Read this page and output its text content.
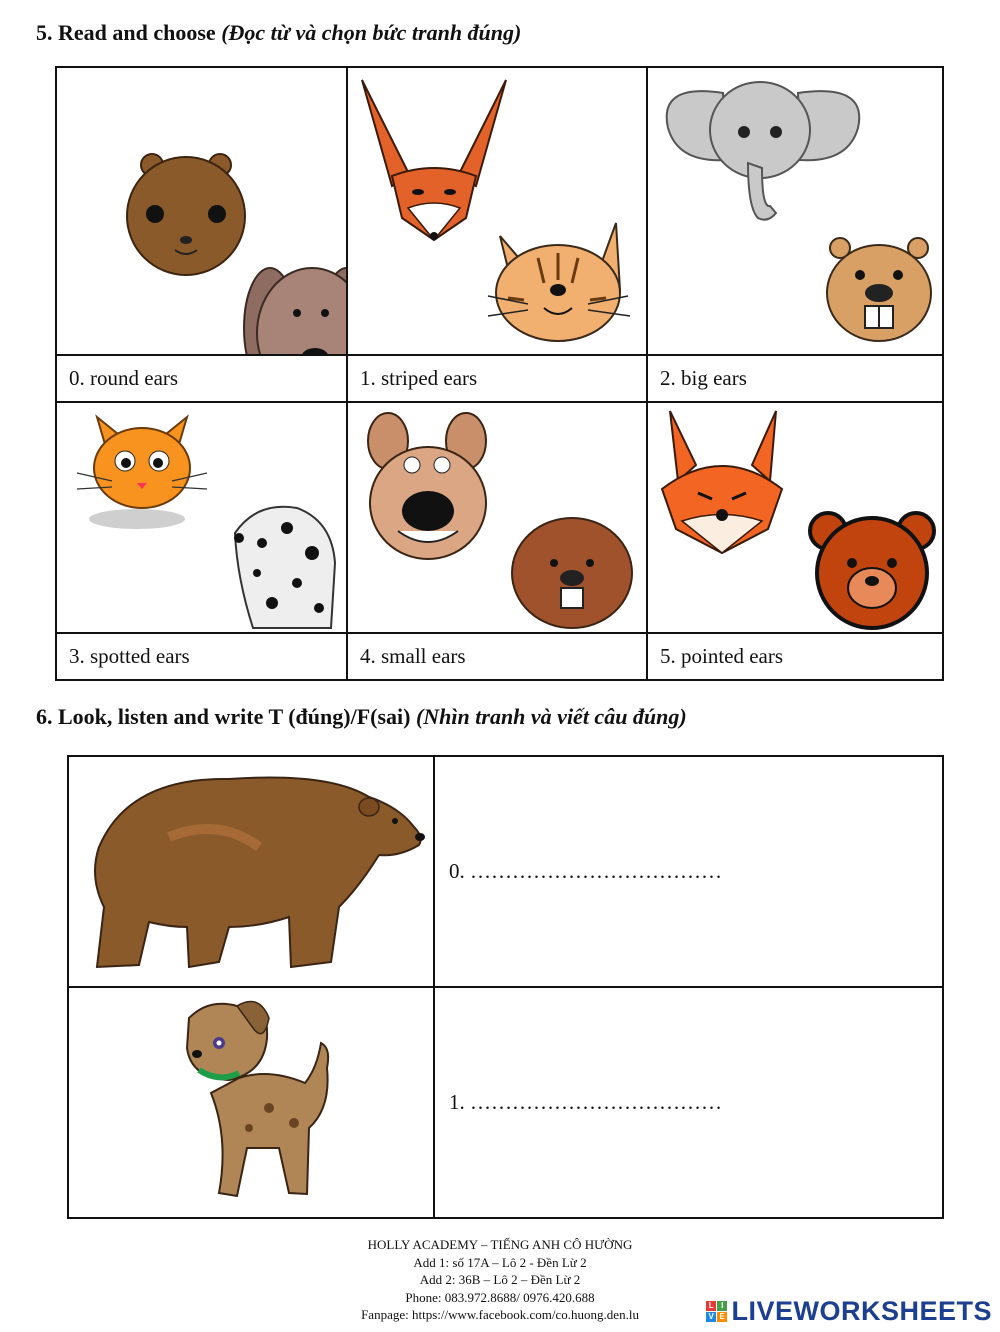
5. Read and choose (Đọc từ và chọn bức tranh đúng)

0. round ears	1. striped ears	2. big ears

3. spotted ears	4. small ears	5. pointed ears
6. Look, listen and write T (đúng)/F(sai) (Nhìn tranh và viết câu đúng)
	0. ………………………………

	1. ………………………………
HOLLY ACADEMY – TIẾNG ANH CÔ HƯỜNG
Add 1: số 17A – Lô 2 - Đền Lừ 2
Add 2: 36B – Lô 2 – Đền Lừ 2
Phone: 083.972.8688/ 0976.420.688
Fanpage: https://www.facebook.com/co.huong.den.lu
L I
V E LIVEWORKSHEETS
